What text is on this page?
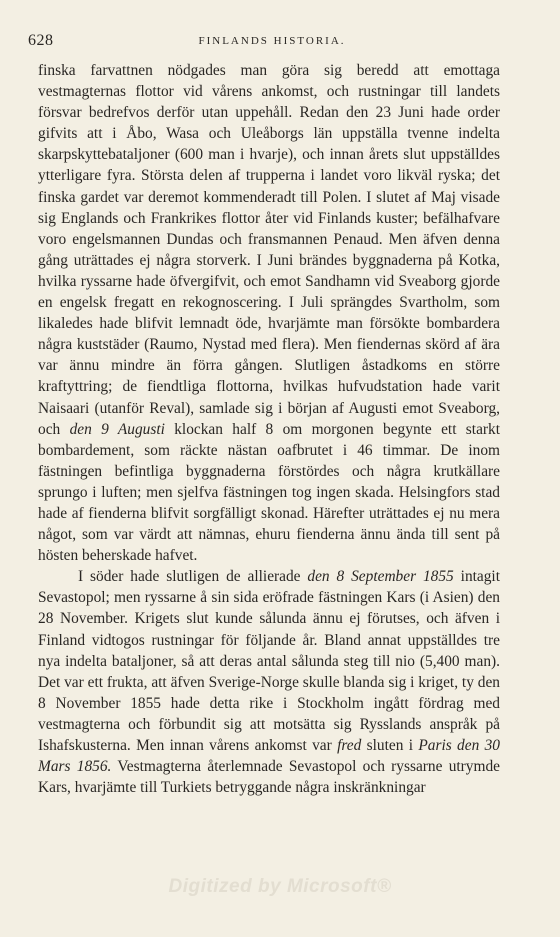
628	FINLANDS HISTORIA.

finska farvattnen nödgades man göra sig beredd att emottaga vestmagternas flottor vid vårens ankomst, och rustningar till landets försvar bedrefvos derför utan uppehåll. Redan den 23 Juni hade order gifvits att i Åbo, Wasa och Uleåborgs län uppställa tvenne indelta skarpskyttebataljoner (600 man i hvarje), och innan årets slut uppställdes ytterligare fyra. Största delen af trupperna i landet voro likväl ryska; det finska gardet var deremot kommenderadt till Polen. I slutet af Maj visade sig Englands och Frankrikes flottor åter vid Finlands kuster; befälhafvare voro engelsmannen Dundas och fransmannen Penaud. Men äfven denna gång uträttades ej några storverk. I Juni brändes byggnaderna på Kotka, hvilka ryssarne hade öfvergifvit, och emot Sandhamn vid Sveaborg gjorde en engelsk fregatt en rekognoscering. I Juli sprängdes Svartholm, som likaledes hade blifvit lemnadt öde, hvarjämte man försökte bombardera några kuststäder (Raumo, Nystad med flera). Men fiendernas skörd af ära var ännu mindre än förra gången. Slutligen åstadkoms en större kraftyttring; de fiendtliga flottorna, hvilkas hufvudstation hade varit Naisaari (utanför Reval), samlade sig i början af Augusti emot Sveaborg, och den 9 Augusti klockan half 8 om morgonen begynte ett starkt bombardement, som räckte nästan oafbrutet i 46 timmar. De inom fästningen befintliga byggnaderna förstördes och några krutkällare sprungo i luften; men sjelfva fästningen tog ingen skada. Helsingfors stad hade af fienderna blifvit sorgfälligt skonad. Härefter uträttades ej nu mera något, som var värdt att nämnas, ehuru fienderna ännu ända till sent på hösten beherskade hafvet.

I söder hade slutligen de allierade den 8 September 1855 intagit Sevastopol; men ryssarne å sin sida eröfrade fästningen Kars (i Asien) den 28 November. Krigets slut kunde sålunda ännu ej förutses, och äfven i Finland vidtogos rustningar för följande år. Bland annat uppställdes tre nya indelta bataljoner, så att deras antal sålunda steg till nio (5,400 man). Det var ett frukta, att äfven Sverige-Norge skulle blanda sig i kriget, ty den 8 November 1855 hade detta rike i Stockholm ingått fördrag med vestmagterna och förbundit sig att motsätta sig Rysslands anspråk på Ishafskusterna. Men innan vårens ankomst var fred sluten i Paris den 30 Mars 1856. Vestmagterna återlemnade Sevastopol och ryssarne utrymde Kars, hvarjämte till Turkiets betryggande några inskränkningar

Digitized by Microsoft®
